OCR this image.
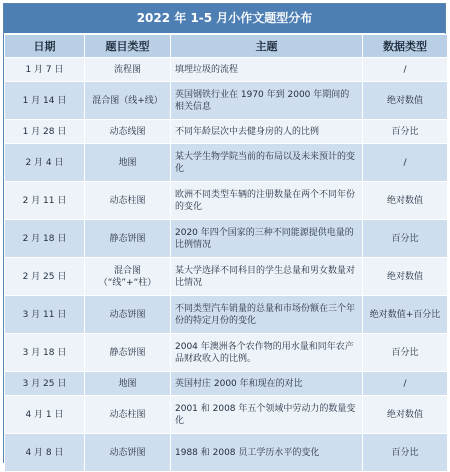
2022 年 1-5 月小作文题型分布
日期	题目类型	主题	数据类型
1 月 7 日	流程图	填埋垃圾的流程	/
1 月 14 日	混合图（线+线）	英国钢铁行业在 1970 年到 2000 年期间的相关信息	绝对数值
1 月 28 日	动态线图	不同年龄层次中去健身房的人的比例	百分比
2 月 4 日	地图	某大学生物学院当前的布局以及未来预计的变化	/
2 月 11 日	动态柱图	欧洲不同类型车辆的注册数量在两个不同年份的变化	绝对数值
2 月 18 日	静态饼图	2020 年四个国家的三种不同能源提供电量的比例情况	百分比
2 月 25 日	混合图（“线”+“柱）	某大学选择不同科目的学生总量和男女数量对比情况	绝对数值
3 月 11 日	动态饼图	不同类型汽车销量的总量和市场份额在三个年份的特定月份的变化	绝对数值+百分比
3 月 18 日	静态饼图	2004 年澳洲各个农作物的用水量和同年农产品财政收入的比例。	百分比
3 月 25 日	地图	英国村庄 2000 年和现在的对比	/
4 月 1 日	动态柱图	2001 和 2008 年五个领域中劳动力的数量变化	绝对数值
4 月 8 日	动态饼图	1988 和 2008 员工学历水平的变化	百分比
